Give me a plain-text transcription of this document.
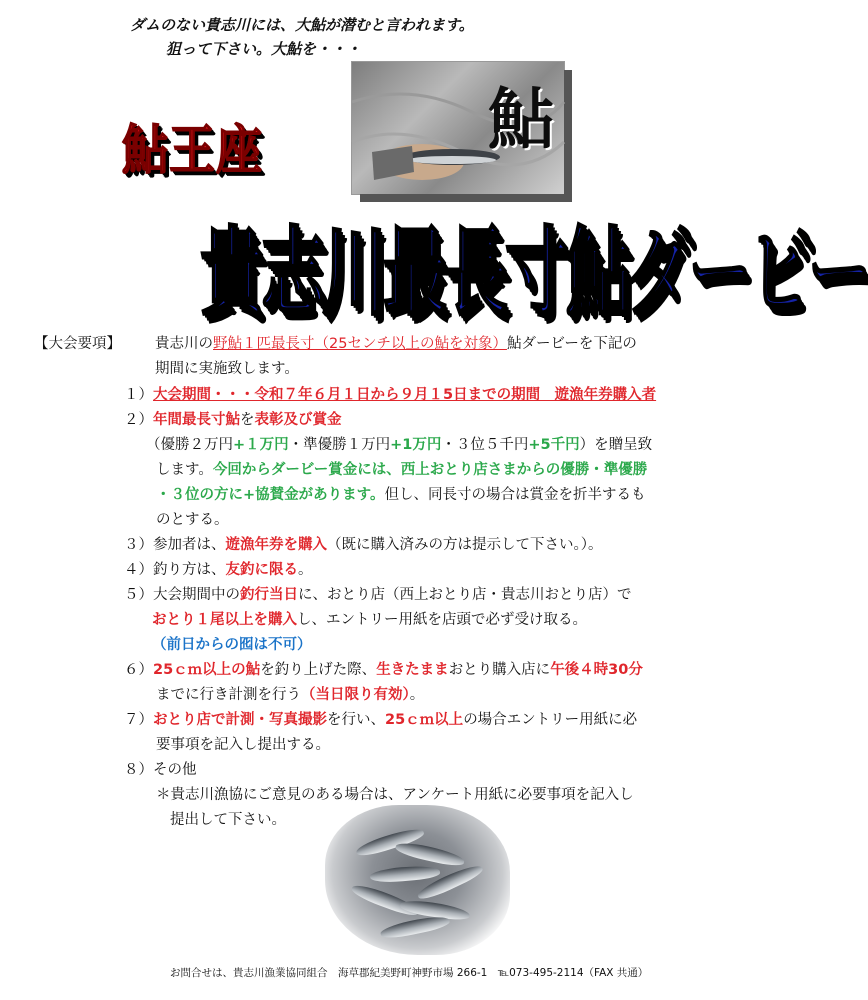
ダムのない貴志川には、大鮎が潜むと言われます。
狙って下さい。大鮎を・・・
鮎王座	鮎
貴志川最長寸鮎ダービー
【大会要項】 貴志川の野鮎１匹最長寸（25センチ以上の鮎を対象）鮎ダービーを下記の
期間に実施致します。
１）大会期間・・・令和７年６月１日から９月１5日までの期間　遊漁年券購入者
２）年間最長寸鮎を表彰及び賞金
（優勝２万円+１万円・準優勝１万円+1万円・３位５千円+5千円）を贈呈致
します。今回からダービー賞金には、西上おとり店さまからの優勝・準優勝
・３位の方に+協賛金があります。但し、同長寸の場合は賞金を折半するも
のとする。
３）参加者は、遊漁年券を購入（既に購入済みの方は提示して下さい。）。
４）釣り方は、友釣に限る。
５）大会期間中の釣行当日に、おとり店（西上おとり店・貴志川おとり店）で
おとり１尾以上を購入し、エントリー用紙を店頭で必ず受け取る。
（前日からの囮は不可）
６）25ｃｍ以上の鮎を釣り上げた際、生きたままおとり購入店に午後４時30分
までに行き計測を行う（当日限り有効）。
７）おとり店で計測・写真撮影を行い、25ｃｍ以上の場合エントリー用紙に必
要事項を記入し提出する。
８）その他
＊貴志川漁協にご意見のある場合は、アンケート用紙に必要事項を記入し
提出して下さい。
お問合せは、貴志川漁業協同組合　海草郡紀美野町神野市場 266-1　℡073-495-2114（FAX 共通）
